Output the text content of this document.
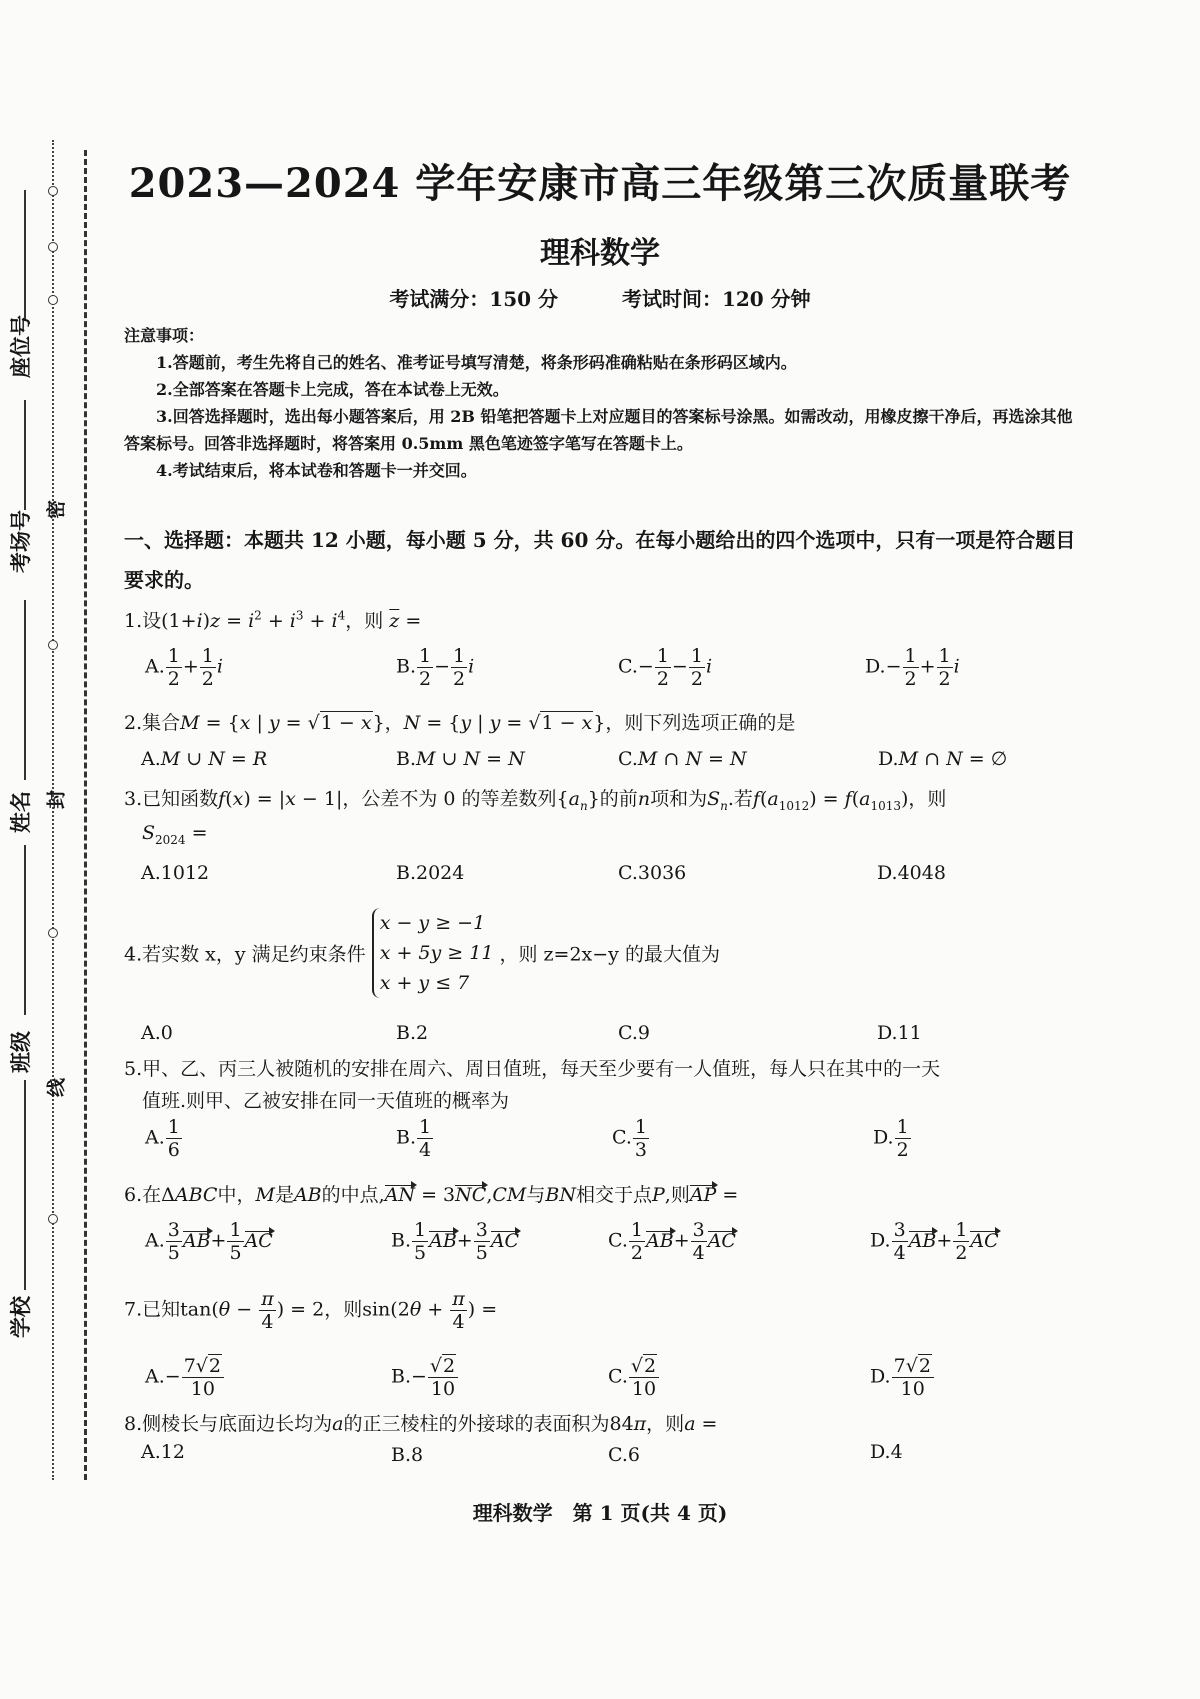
座位号
考场号
姓名
班级
学校
密
封
线
2023—2024 学年安康市高三年级第三次质量联考
理科数学
考试满分：150 分	考试时间：120 分钟
注意事项：
1.答题前，考生先将自己的姓名、准考证号填写清楚，将条形码准确粘贴在条形码区域内。
2.全部答案在答题卡上完成，答在本试卷上无效。
3.回答选择题时，选出每小题答案后，用 2B 铅笔把答题卡上对应题目的答案标号涂黑。如需改动，用橡皮擦干净后，再选涂其他答案标号。回答非选择题时，将答案用 0.5mm 黑色笔迹签字笔写在答题卡上。
4.考试结束后，将本试卷和答题卡一并交回。
一、选择题：本题共 12 小题，每小题 5 分，共 60 分。在每小题给出的四个选项中，只有一项是符合题目要求的。
1.设$(1+i)z = i^2 + i^3 + i^4$，则 $\overline{z}$ =
A. $\frac{1}{2} + \frac{1}{2}$ i	B. $\frac{1}{2} - \frac{1}{2}$ i	$C.- \frac{1}{2} - \frac{1}{2}$ i	$D.- \frac{1}{2} + \frac{1}{2}$ i
2.集合M = {x | y = √1 − x}，N = {y | y = √1 − x}，则下列选项正确的是
A.M ∪ N = R	B.M ∪ N = N	C.M ∩ N = N	D.M ∩ N = ∅
3.已知函数f(x) = |x − 1|，公差不为 0 的等差数列$\{a_n\}$的前n项和为$S_n$.若$f(a_{1012}) = f(a_{1013})$，则
$S_{2024}$ =
A.1012	B.2024	C.3036	D.4048
4.若实数 x，y 满足约束条件
x − y ≥ −1
x + 5y ≥ 11
x + y ≤ 7
，则 z=2x−y 的最大值为
A.0	B.2	C.9	D.11
5.甲、乙、丙三人被随机的安排在周六、周日值班，每天至少要有一人值班，每人只在其中的一天
值班.则甲、乙被安排在同一天值班的概率为
A. $\frac{1}{6}$	B. $\frac{1}{4}$	C. $\frac{1}{3}$	D. $\frac{1}{2}$
6.在ΔABC中，M是AB的中点,AN = 3NC,CM与BN相交于点P,则AP =
A. $\frac{3}{5} AB+ \frac{1}{5}$ AC	B. $\frac{1}{5} AB+ \frac{3}{5}$ AC	C. $\frac{1}{2} AB+ \frac{3}{4}$ AC	D. $\frac{3}{4} AB+ \frac{1}{2}$ AC
7.已知$\tan(\theta - \frac{\pi}{4}$ ) = 2，则$\sin(2\theta + \frac{\pi}{4}$ ) =
$A.- \frac{7√2}{10}$	$B.- \frac{√2}{10}$	C. $\frac{√2}{10}$	D. $\frac{7√2}{10}$
8.侧棱长与底面边长均为a的正三棱柱的外接球的表面积为84π，则a =
A.12	B.8	C.6	D.4
理科数学　第 1 页(共 4 页)
